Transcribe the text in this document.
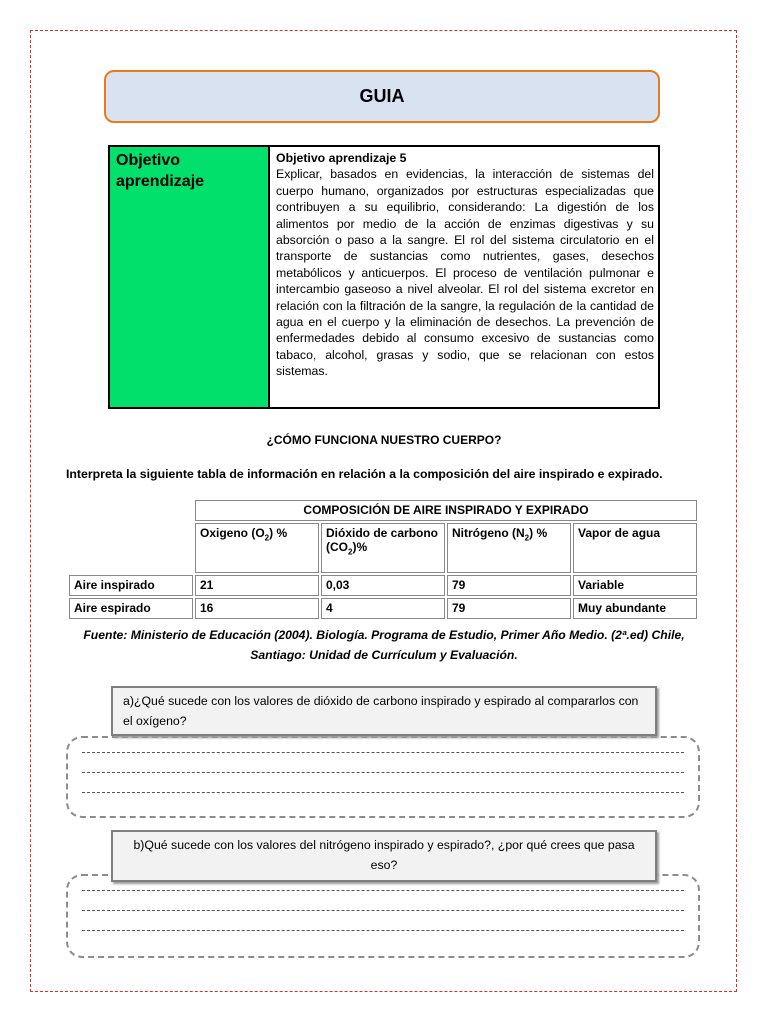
GUIA
Objetivo aprendizaje
Objetivo aprendizaje 5
Explicar, basados en evidencias, la interacción de sistemas del cuerpo humano, organizados por estructuras especializadas que contribuyen a su equilibrio, considerando: La digestión de los alimentos por medio de la acción de enzimas digestivas y su absorción o paso a la sangre. El rol del sistema circulatorio en el transporte de sustancias como nutrientes, gases, desechos metabólicos y anticuerpos. El proceso de ventilación pulmonar e intercambio gaseoso a nivel alveolar. El rol del sistema excretor en relación con la filtración de la sangre, la regulación de la cantidad de agua en el cuerpo y la eliminación de desechos. La prevención de enfermedades debido al consumo excesivo de sustancias como tabaco, alcohol, grasas y sodio, que se relacionan con estos sistemas.
¿CÓMO FUNCIONA NUESTRO CUERPO?
Interpreta la siguiente tabla de información en relación a la composición del aire inspirado e expirado.
	COMPOSICIÓN DE AIRE INSPIRADO Y EXPIRADO			
	Oxigeno $(O_2)$ %	Dióxido de carbono $(CO_2)\%$	Nitrógeno $(N_2)$ %	Vapor de agua
Aire inspirado	21	0,03	79	Variable
Aire espirado	16	4	79	Muy abundante
Fuente: Ministerio de Educación (2004). Biología. Programa de Estudio, Primer Año Medio. (2ª.ed) Chile, Santiago: Unidad de Currículum y Evaluación.
a)¿Qué sucede con los valores de dióxido de carbono inspirado y espirado al compararlos con el oxígeno?
b)Qué sucede con los valores del nitrógeno inspirado y espirado?, ¿por qué crees que pasa eso?
